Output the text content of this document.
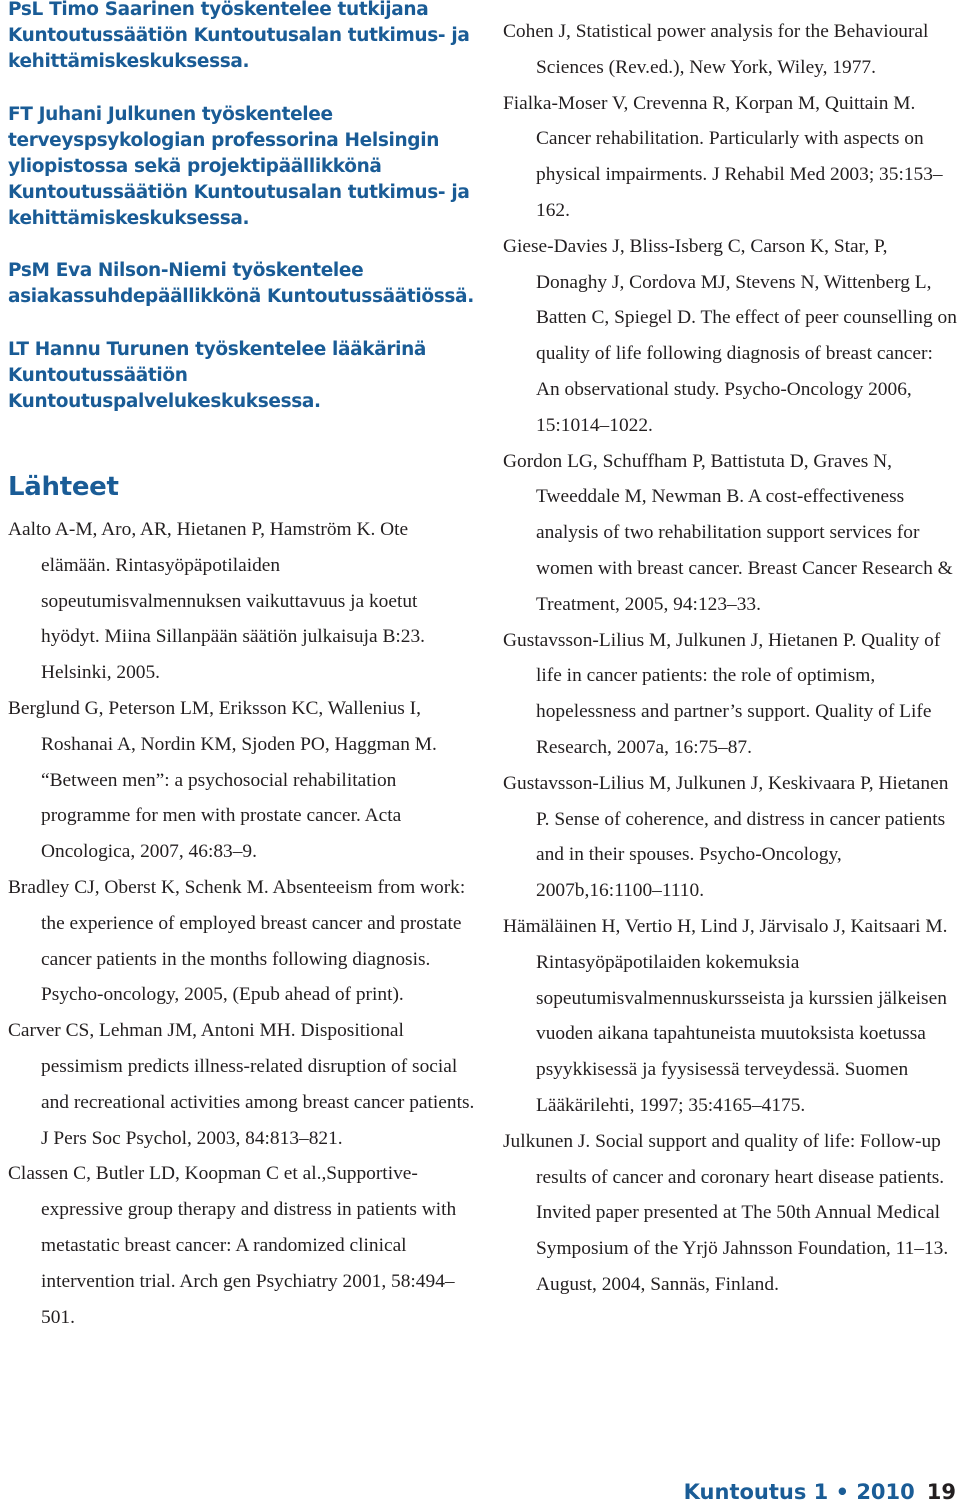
PsL Timo Saarinen työskentelee tutkijana Kuntoutussäätiön Kuntoutusalan tutkimus- ja kehittämiskeskuksessa.

FT Juhani Julkunen työskentelee terveyspsykologian professorina Helsingin yliopistossa sekä projektipäällikkönä Kuntoutussäätiön Kuntoutusalan tutkimus- ja kehittämiskeskuksessa.

PsM Eva Nilson-Niemi työskentelee asiakassuhdepäällikkönä Kuntoutussäätiössä.

LT Hannu Turunen työskentelee lääkärinä Kuntoutussäätiön Kuntoutuspalvelukeskuksessa.

Lähteet

Aalto A-M, Aro, AR, Hietanen P, Hamström K. Ote elämään. Rintasyöpäpotilaiden sopeutumisvalmennuksen vaikuttavuus ja koetut hyödyt. Miina Sillanpään säätiön julkaisuja B:23. Helsinki, 2005.

Berglund G, Peterson LM, Eriksson KC, Wallenius I, Roshanai A, Nordin KM, Sjoden PO, Haggman M. “Between men”: a psychosocial rehabilitation programme for men with prostate cancer. Acta Oncologica, 2007, 46:83–9.

Bradley CJ, Oberst K, Schenk M. Absenteeism from work: the experience of employed breast cancer and prostate cancer patients in the months following diagnosis. Psycho-oncology, 2005, (Epub ahead of print).

Carver CS, Lehman JM, Antoni MH. Dispositional pessimism predicts illness-related disruption of social and recreational activities among breast cancer patients. J Pers Soc Psychol, 2003, 84:813–821.

Classen C, Butler LD, Koopman C et al.,Supportive- expressive group therapy and distress in patients with metastatic breast cancer: A randomized clinical intervention trial. Arch gen Psychiatry 2001, 58:494–501.

Cohen J, Statistical power analysis for the Behavioural Sciences (Rev.ed.), New York, Wiley, 1977.

Fialka-Moser V, Crevenna R, Korpan M, Quittain M. Cancer rehabilitation. Particularly with aspects on physical impairments. J Rehabil Med 2003; 35:153–162.

Giese-Davies J, Bliss-Isberg C, Carson K, Star, P, Donaghy J, Cordova MJ, Stevens N, Wittenberg L, Batten C, Spiegel D. The effect of peer counselling on quality of life following diagnosis of breast cancer: An observational study. Psycho-Oncology 2006, 15:1014–1022.

Gordon LG, Schuffham P, Battistuta D, Graves N, Tweeddale M, Newman B. A cost-effectiveness analysis of two rehabilitation support services for women with breast cancer. Breast Cancer Research & Treatment, 2005, 94:123–33.

Gustavsson-Lilius M, Julkunen J, Hietanen P. Quality of life in cancer patients: the role of optimism, hopelessness and partner’s support. Quality of Life Research, 2007a, 16:75–87.

Gustavsson-Lilius M, Julkunen J, Keskivaara P, Hietanen P. Sense of coherence, and distress in cancer patients and in their spouses. Psycho-Oncology, 2007b,16:1100–1110.

Hämäläinen H, Vertio H, Lind J, Järvisalo J, Kaitsaari M. Rintasyöpäpotilaiden kokemuksia sopeutumisvalmennuskursseista ja kurssien jälkeisen vuoden aikana tapahtuneista muutoksista koetussa psyykkisessä ja fyysisessä terveydessä. Suomen Lääkärilehti, 1997; 35:4165–4175.

Julkunen J. Social support and quality of life: Follow-up results of cancer and coronary heart disease patients. Invited paper presented at The 50th Annual Medical Symposium of the Yrjö Jahnsson Foundation, 11–13. August, 2004, Sannäs, Finland.

Kuntoutus 1 • 2010 19
